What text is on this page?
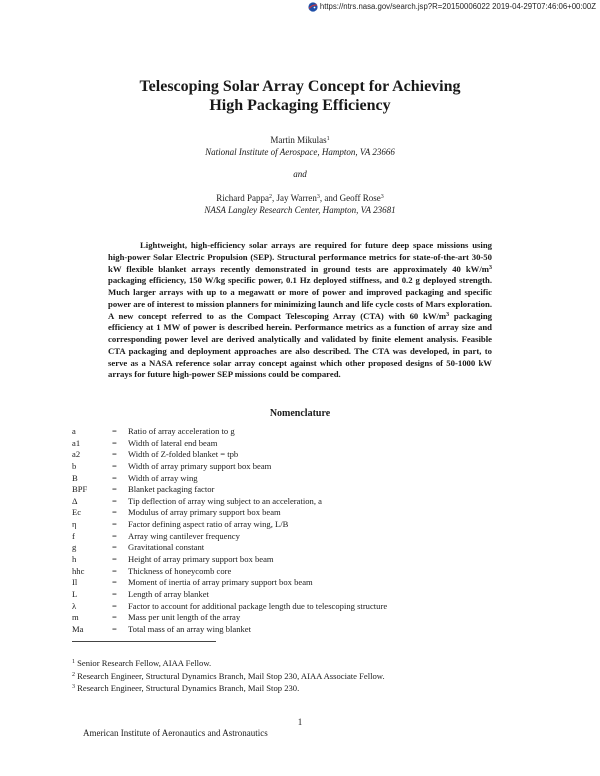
https://ntrs.nasa.gov/search.jsp?R=20150006022 2019-04-29T07:46:06+00:00Z
Telescoping Solar Array Concept for Achieving
High Packaging Efficiency
Martin Mikulas$^1$
National Institute of Aerospace, Hampton, VA 23666
and
Richard Pappa$^2$, Jay Warren$^3$, and Geoff Rose$^3$
NASA Langley Research Center, Hampton, VA 23681

Lightweight, high-efficiency solar arrays are required for future deep space missions using high-power Solar Electric Propulsion (SEP). Structural performance metrics for state-of-the-art 30-50 kW flexible blanket arrays recently demonstrated in ground tests are approximately 40 $kW/m^3$ packaging efficiency, 150 W/kg specific power, 0.1 Hz deployed stiffness, and 0.2 g deployed strength. Much larger arrays with up to a megawatt or more of power and improved packaging and specific power are of interest to mission planners for minimizing launch and life cycle costs of Mars exploration. A new concept referred to as the Compact Telescoping Array (CTA) with 60 $kW/m^3$ packaging efficiency at 1 MW of power is described herein. Performance metrics as a function of array size and corresponding power level are derived analytically and validated by finite element analysis. Feasible CTA packaging and deployment approaches are also described. The CTA was developed, in part, to serve as a NASA reference solar array concept against which other proposed designs of 50-1000 kW arrays for future high-power SEP missions could be compared.

Nomenclature
a	= Ratio of array acceleration to g
a1	= Width of lateral end beam
a2	= Width of Z-folded blanket = tpb
b	= Width of array primary support box beam
B	= Width of array wing
BPF	= Blanket packaging factor
Δ	= Tip deflection of array wing subject to an acceleration, a
Ec	= Modulus of array primary support box beam
η	= Factor defining aspect ratio of array wing, L/B
f	= Array wing cantilever frequency
g	= Gravitational constant
h	= Height of array primary support box beam
hhc	= Thickness of honeycomb core
Il	= Moment of inertia of array primary support box beam
L	= Length of array blanket
λ	= Factor to account for additional package length due to telescoping structure
m	= Mass per unit length of the array
Ma	= Total mass of an array wing blanket
$^1$ Senior Research Fellow, AIAA Fellow.
$^2$ Research Engineer, Structural Dynamics Branch, Mail Stop 230, AIAA Associate Fellow.
$^3$ Research Engineer, Structural Dynamics Branch, Mail Stop 230.
1
American Institute of Aeronautics and Astronautics
